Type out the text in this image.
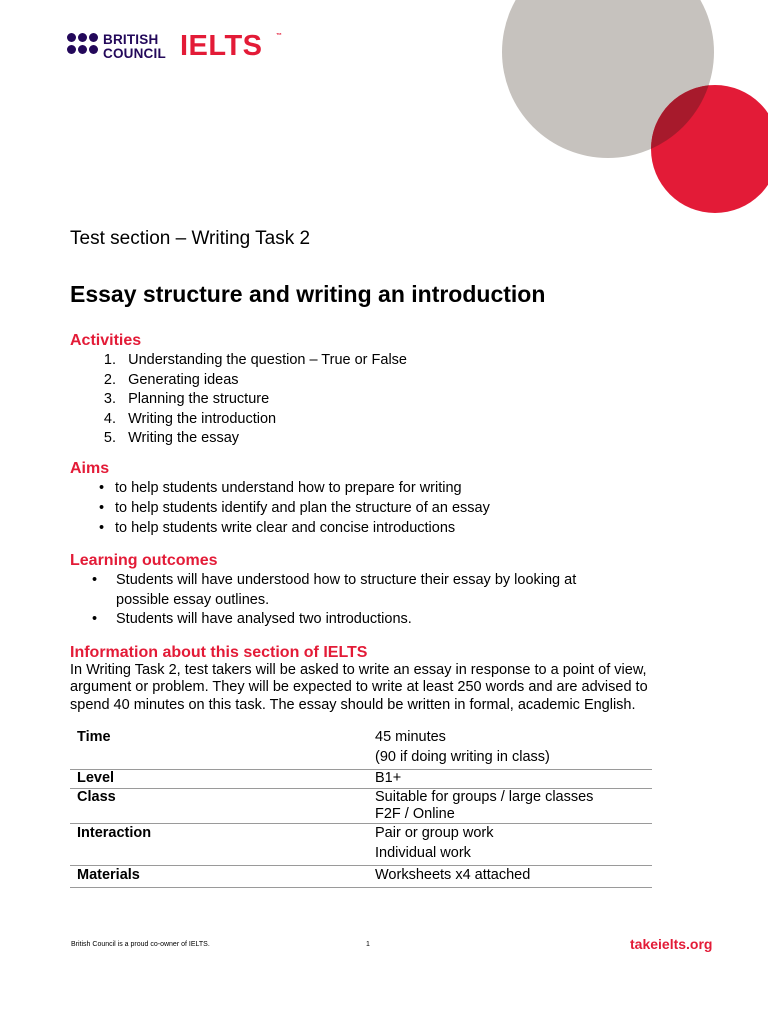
BRITISH
COUNCIL IELTS ™
Test section – Writing Task 2
Essay structure and writing an introduction
Activities
1. Understanding the question – True or False
2. Generating ideas
3. Planning the structure
4. Writing the introduction
5. Writing the essay
Aims
• to help students understand how to prepare for writing
• to help students identify and plan the structure of an essay
• to help students write clear and concise introductions
Learning outcomes
•	Students will have understood how to structure their essay by looking at
possible essay outlines.
•	Students will have analysed two introductions.
Information about this section of IELTS
In Writing Task 2, test takers will be asked to write an essay in response to a point of view, argument or problem. They will be expected to write at least 250 words and are advised to spend 40 minutes on this task. The essay should be written in formal, academic English.
Time	45 minutes
	(90 if doing writing in class)
Level	B1+
Class	Suitable for groups / large classes
F2F / Online

Interaction	Pair or group work
	Individual work
Materials	Worksheets x4 attached
British Council is a proud co-owner of IELTS.	1	takeielts.org
